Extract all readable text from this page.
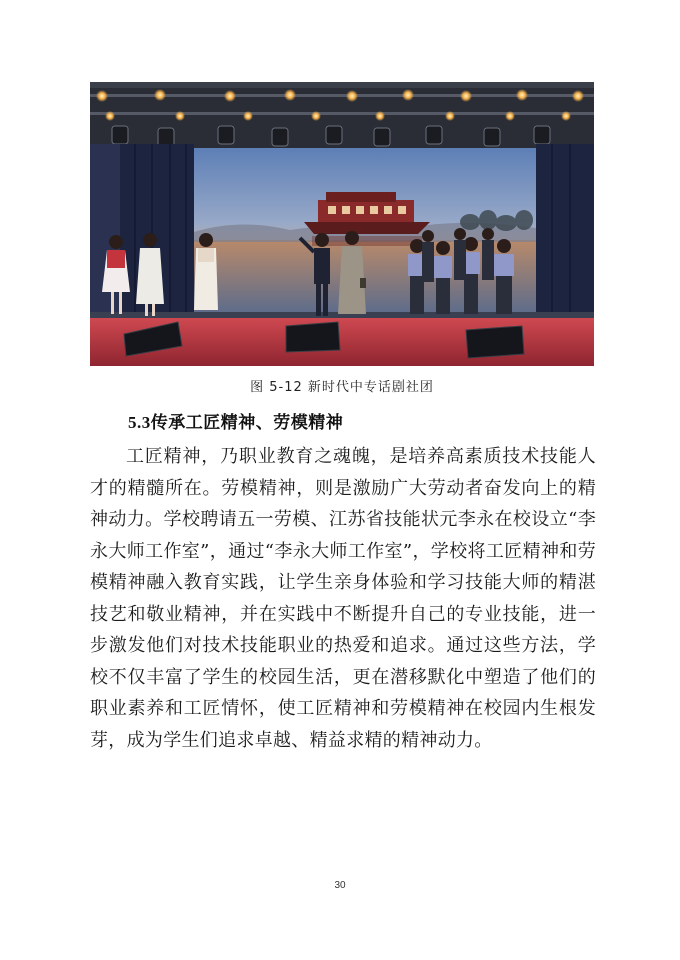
图 5-12 新时代中专话剧社团
5.3传承工匠精神、劳模精神
工匠精神，乃职业教育之魂魄，是培养高素质技术技能人才的精髓所在。劳模精神，则是激励广大劳动者奋发向上的精神动力。学校聘请五一劳模、江苏省技能状元李永在校设立“李永大师工作室”，通过“李永大师工作室”，学校将工匠精神和劳模精神融入教育实践，让学生亲身体验和学习技能大师的精湛技艺和敬业精神，并在实践中不断提升自己的专业技能，进一步激发他们对技术技能职业的热爱和追求。通过这些方法，学校不仅丰富了学生的校园生活，更在潜移默化中塑造了他们的职业素养和工匠情怀，使工匠精神和劳模精神在校园内生根发芽，成为学生们追求卓越、精益求精的精神动力。
30
